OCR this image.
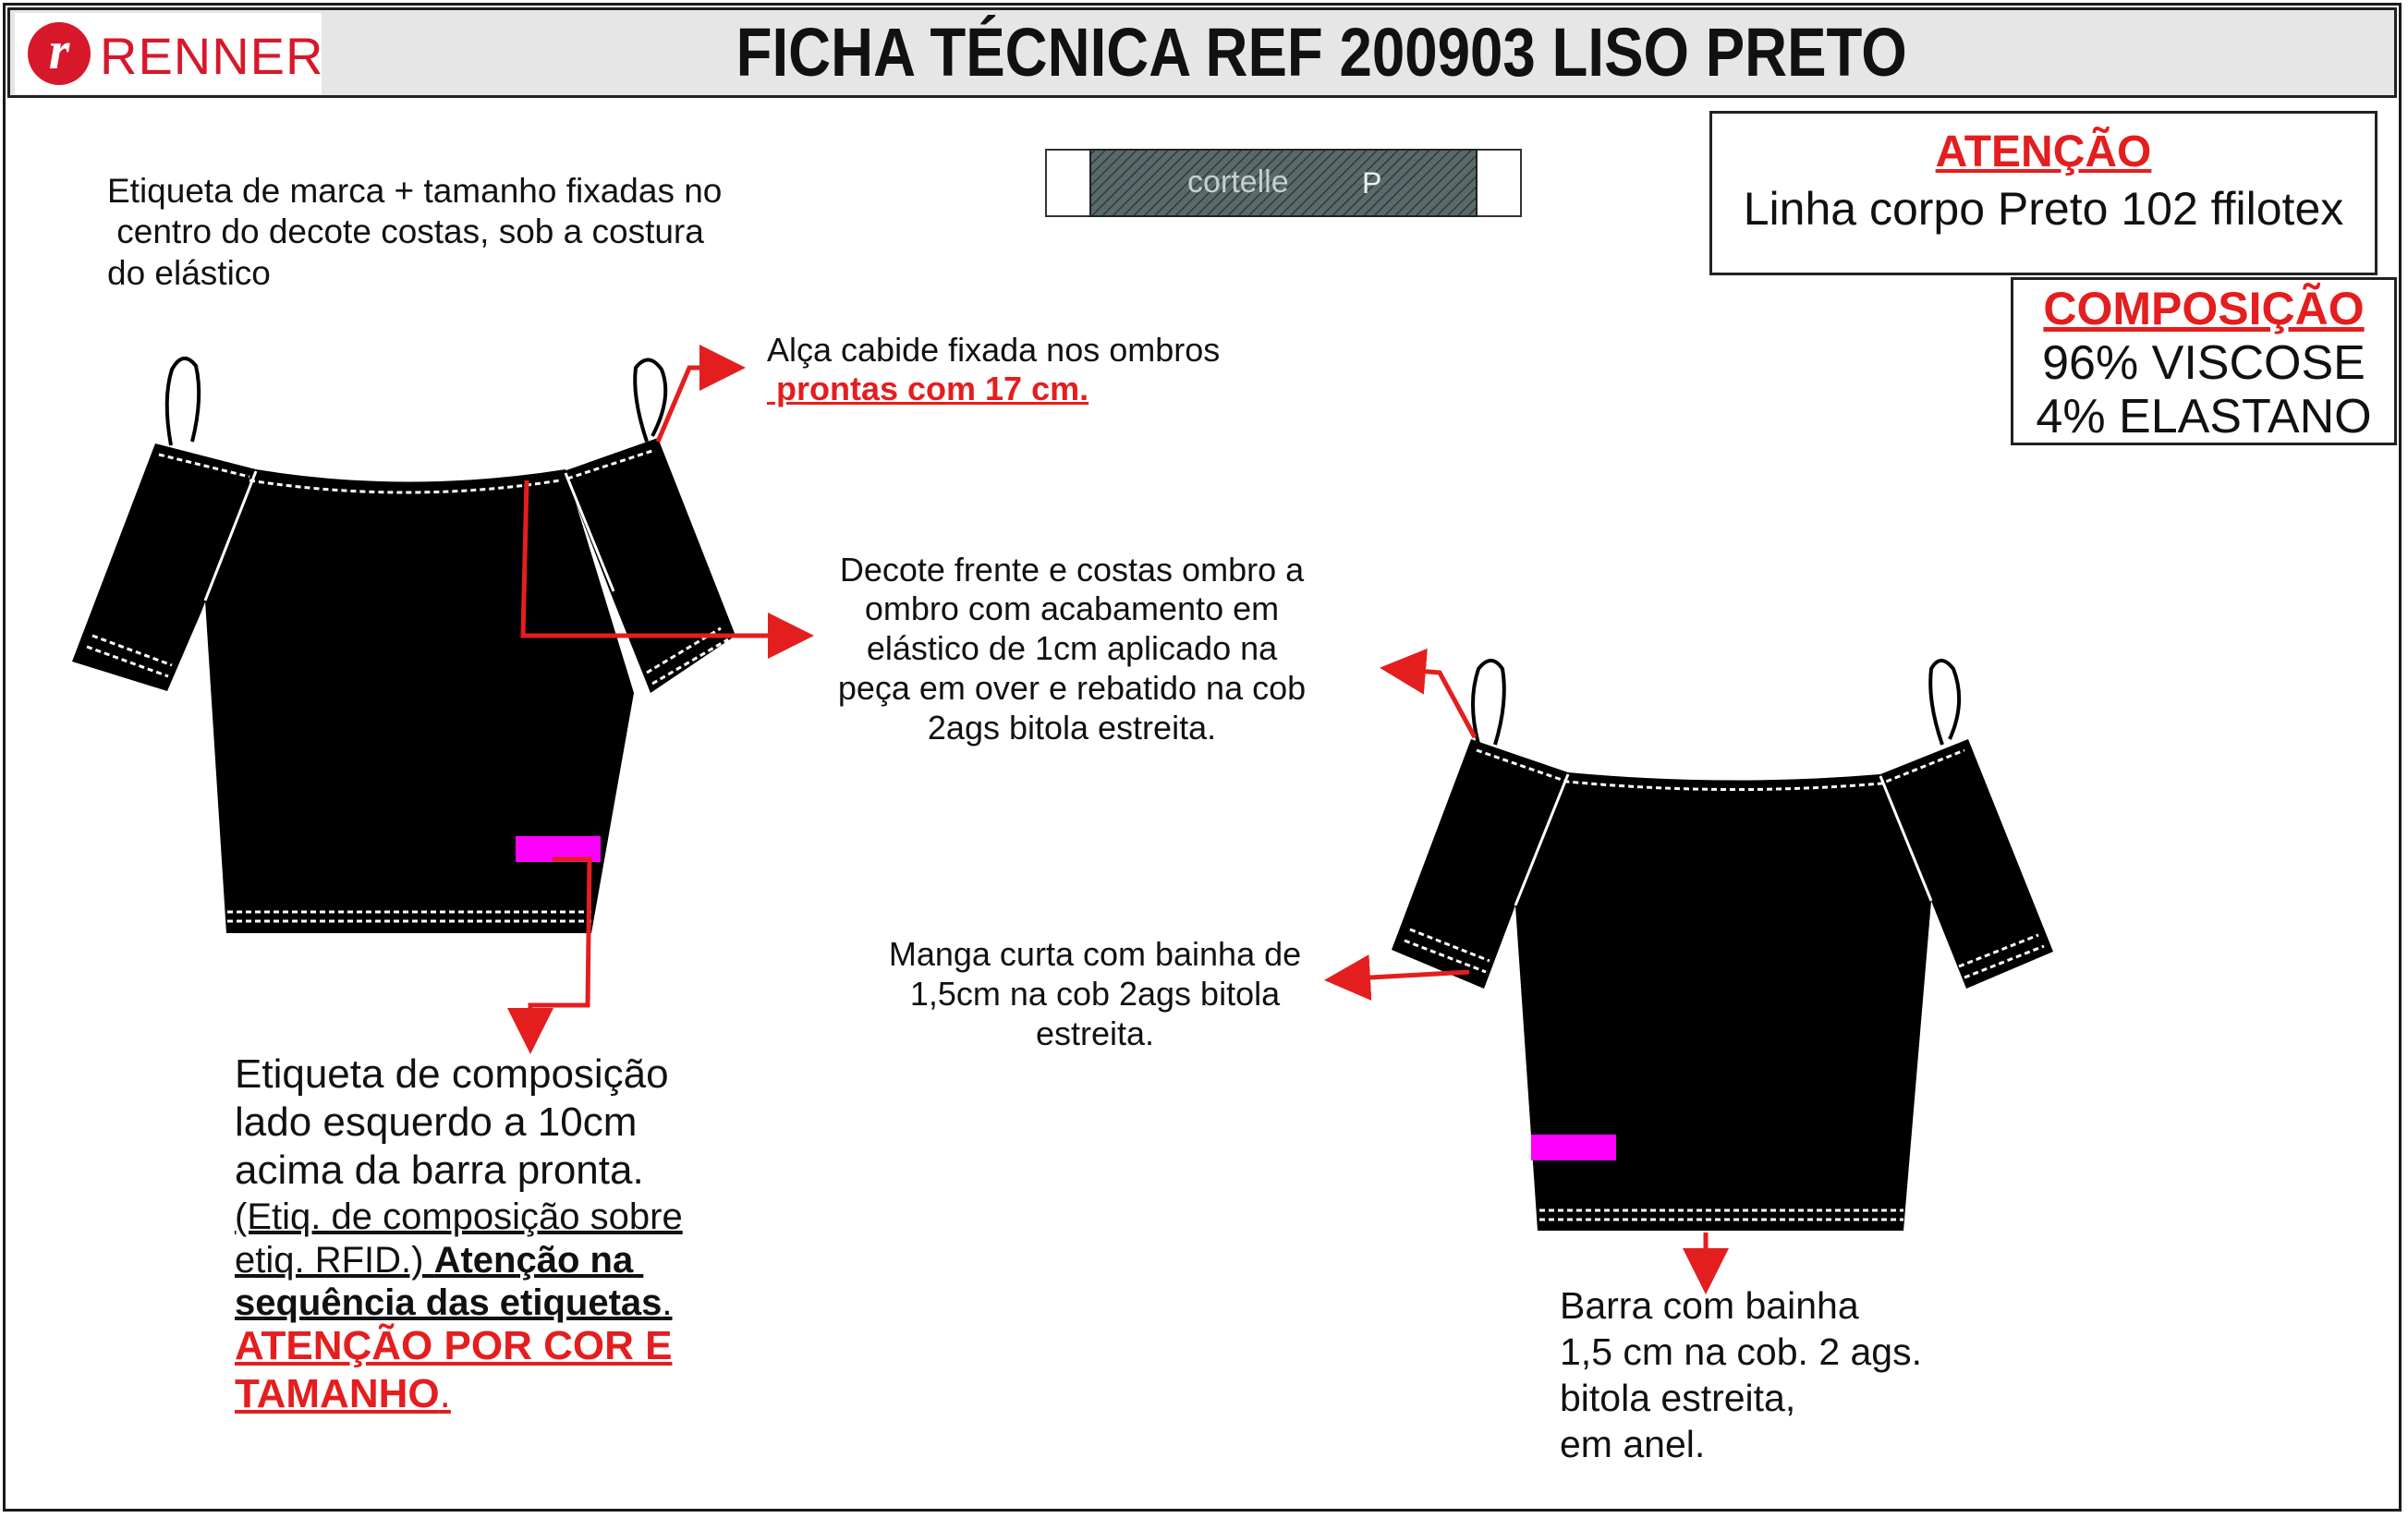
r RENNER	FICHA TÉCNICA REF 200903 LISO PRETO
ATENÇÃO
Linha corpo Preto 102 ffilotex
COMPOSIÇÃO
96% VISCOSE
4% ELASTANO
cortelle P
Etiqueta de marca + tamanho fixadas no
centro do decote costas, sob a costura
do elástico
Alça cabide fixada nos ombros
prontas com 17 cm.
Decote frente e costas ombro a
ombro com acabamento em
elástico de 1cm aplicado na
peça em over e rebatido na cob
2ags bitola estreita.
Manga curta com bainha de
1,5cm na cob 2ags bitola
estreita.
Barra com bainha
1,5 cm na cob. 2 ags.
bitola estreita,
em anel.
Etiqueta de composição
lado esquerdo a 10cm
acima da barra pronta.
(Etiq. de composição sobre
etiq. RFID.) Atenção na
sequência das etiquetas.
ATENÇÃO POR COR E
TAMANHO.
